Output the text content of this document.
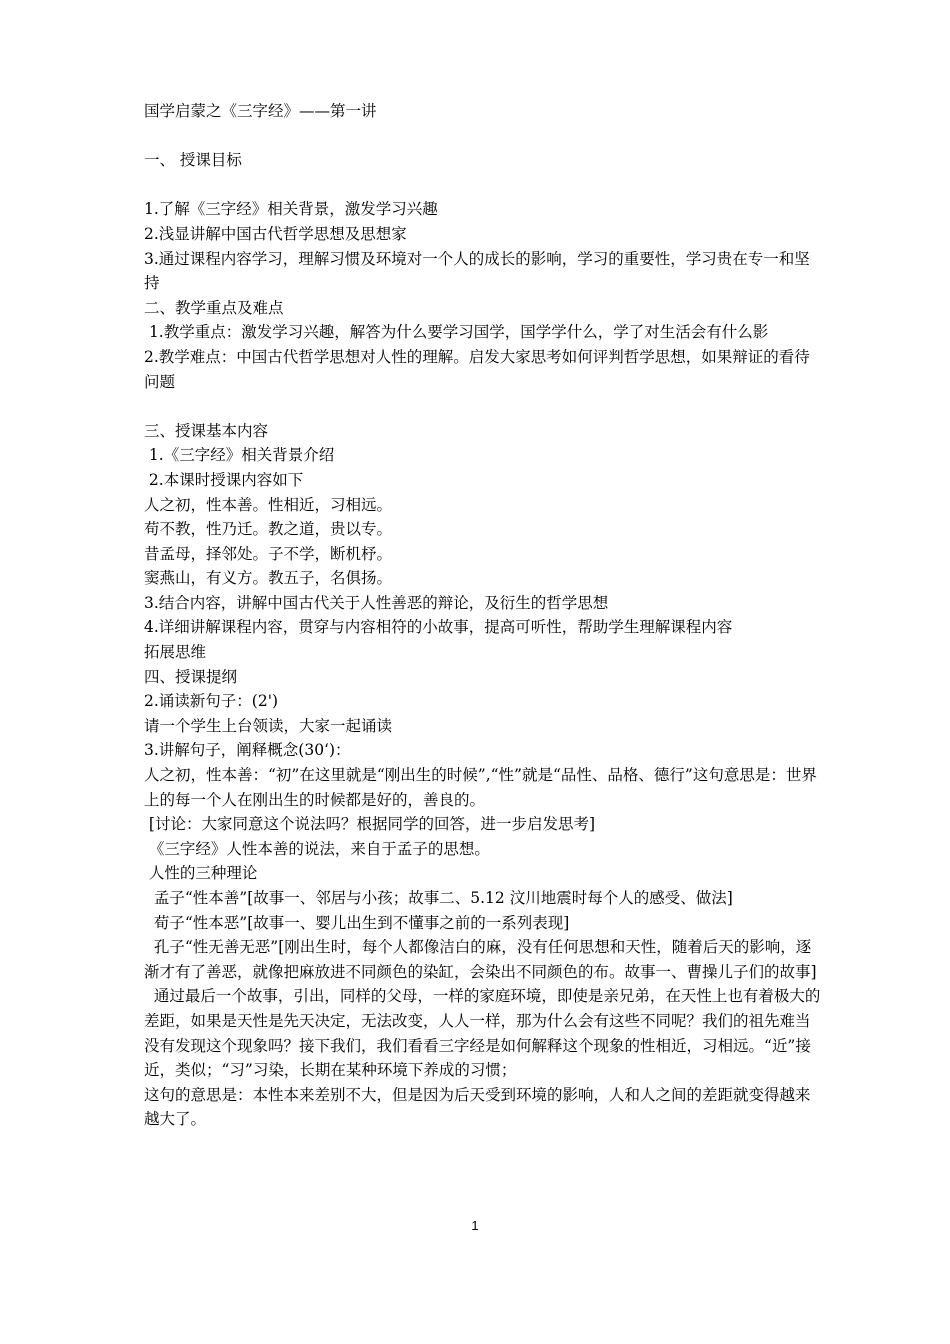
国学启蒙之《三字经》——第一讲
一、 授课目标
1.了解《三字经》相关背景，激发学习兴趣
2.浅显讲解中国古代哲学思想及思想家
3.通过课程内容学习，理解习惯及环境对一个人的成长的影响，学习的重要性，学习贵在专一和坚持
二、教学重点及难点
1.教学重点：激发学习兴趣，解答为什么要学习国学，国学学什么，学了对生活会有什么影
2.教学难点：中国古代哲学思想对人性的理解。启发大家思考如何评判哲学思想，如果辩证的看待问题
三、授课基本内容
1.《三字经》相关背景介绍
2.本课时授课内容如下
人之初，性本善。性相近，习相远。
苟不教，性乃迁。教之道，贵以专。
昔孟母，择邻处。子不学，断机杼。
窦燕山，有义方。教五子，名俱扬。
3.结合内容，讲解中国古代关于人性善恶的辩论，及衍生的哲学思想
4.详细讲解课程内容，贯穿与内容相符的小故事，提高可听性，帮助学生理解课程内容
拓展思维
四、授课提纲
2.诵读新句子：(2')
请一个学生上台领读，大家一起诵读
3.讲解句子，阐释概念(30‘)：
人之初，性本善：“初”在这里就是“刚出生的时候”,“性”就是“品性、品格、德行”这句意思是：世界上的每一个人在刚出生的时候都是好的，善良的。
[讨论：大家同意这个说法吗？根据同学的回答，进一步启发思考]
《三字经》人性本善的说法，来自于孟子的思想。
人性的三种理论
孟子“性本善”[故事一、邻居与小孩；故事二、5.12 汶川地震时每个人的感受、做法]
荀子“性本恶”[故事一、婴儿出生到不懂事之前的一系列表现]
孔子“性无善无恶”[刚出生时，每个人都像洁白的麻，没有任何思想和天性，随着后天的影响，逐渐才有了善恶，就像把麻放进不同颜色的染缸，会染出不同颜色的布。故事一、曹操儿子们的故事]
通过最后一个故事，引出，同样的父母，一样的家庭环境，即使是亲兄弟，在天性上也有着极大的差距，如果是天性是先天决定，无法改变，人人一样，那为什么会有这些不同呢？我们的祖先难当没有发现这个现象吗？接下我们，我们看看三字经是如何解释这个现象的性相近，习相远。“近”接近，类似；“习”习染，长期在某种环境下养成的习惯；
这句的意思是：本性本来差别不大，但是因为后天受到环境的影响，人和人之间的差距就变得越来越大了。
1
